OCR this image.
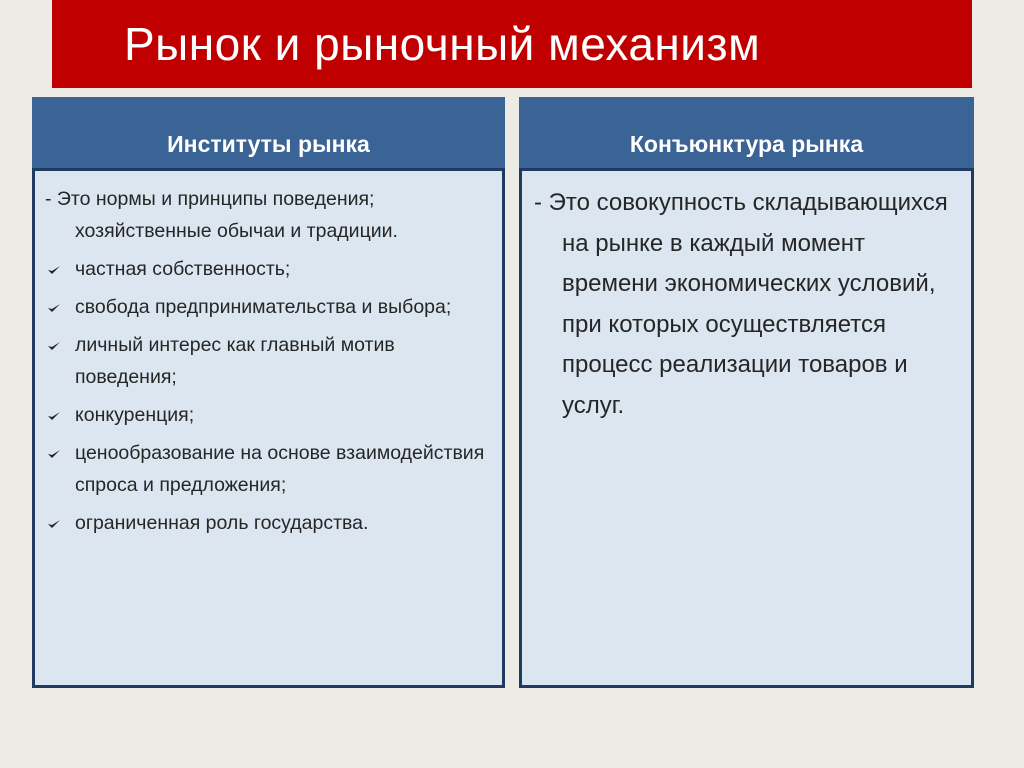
Рынок и рыночный механизм
Институты рынка

- Это нормы и принципы поведения; хозяйственные обычаи и традиции.

частная собственность;
свобода предпринимательства и выбора;
личный интерес как главный мотив поведения;
конкуренция;
ценообразование на основе взаимодействия спроса и предложения;
ограниченная роль государства.
Конъюнктура рынка

- Это совокупность складывающихся на рынке в каждый момент времени экономических условий, при которых осуществляется процесс реализации товаров и услуг.
